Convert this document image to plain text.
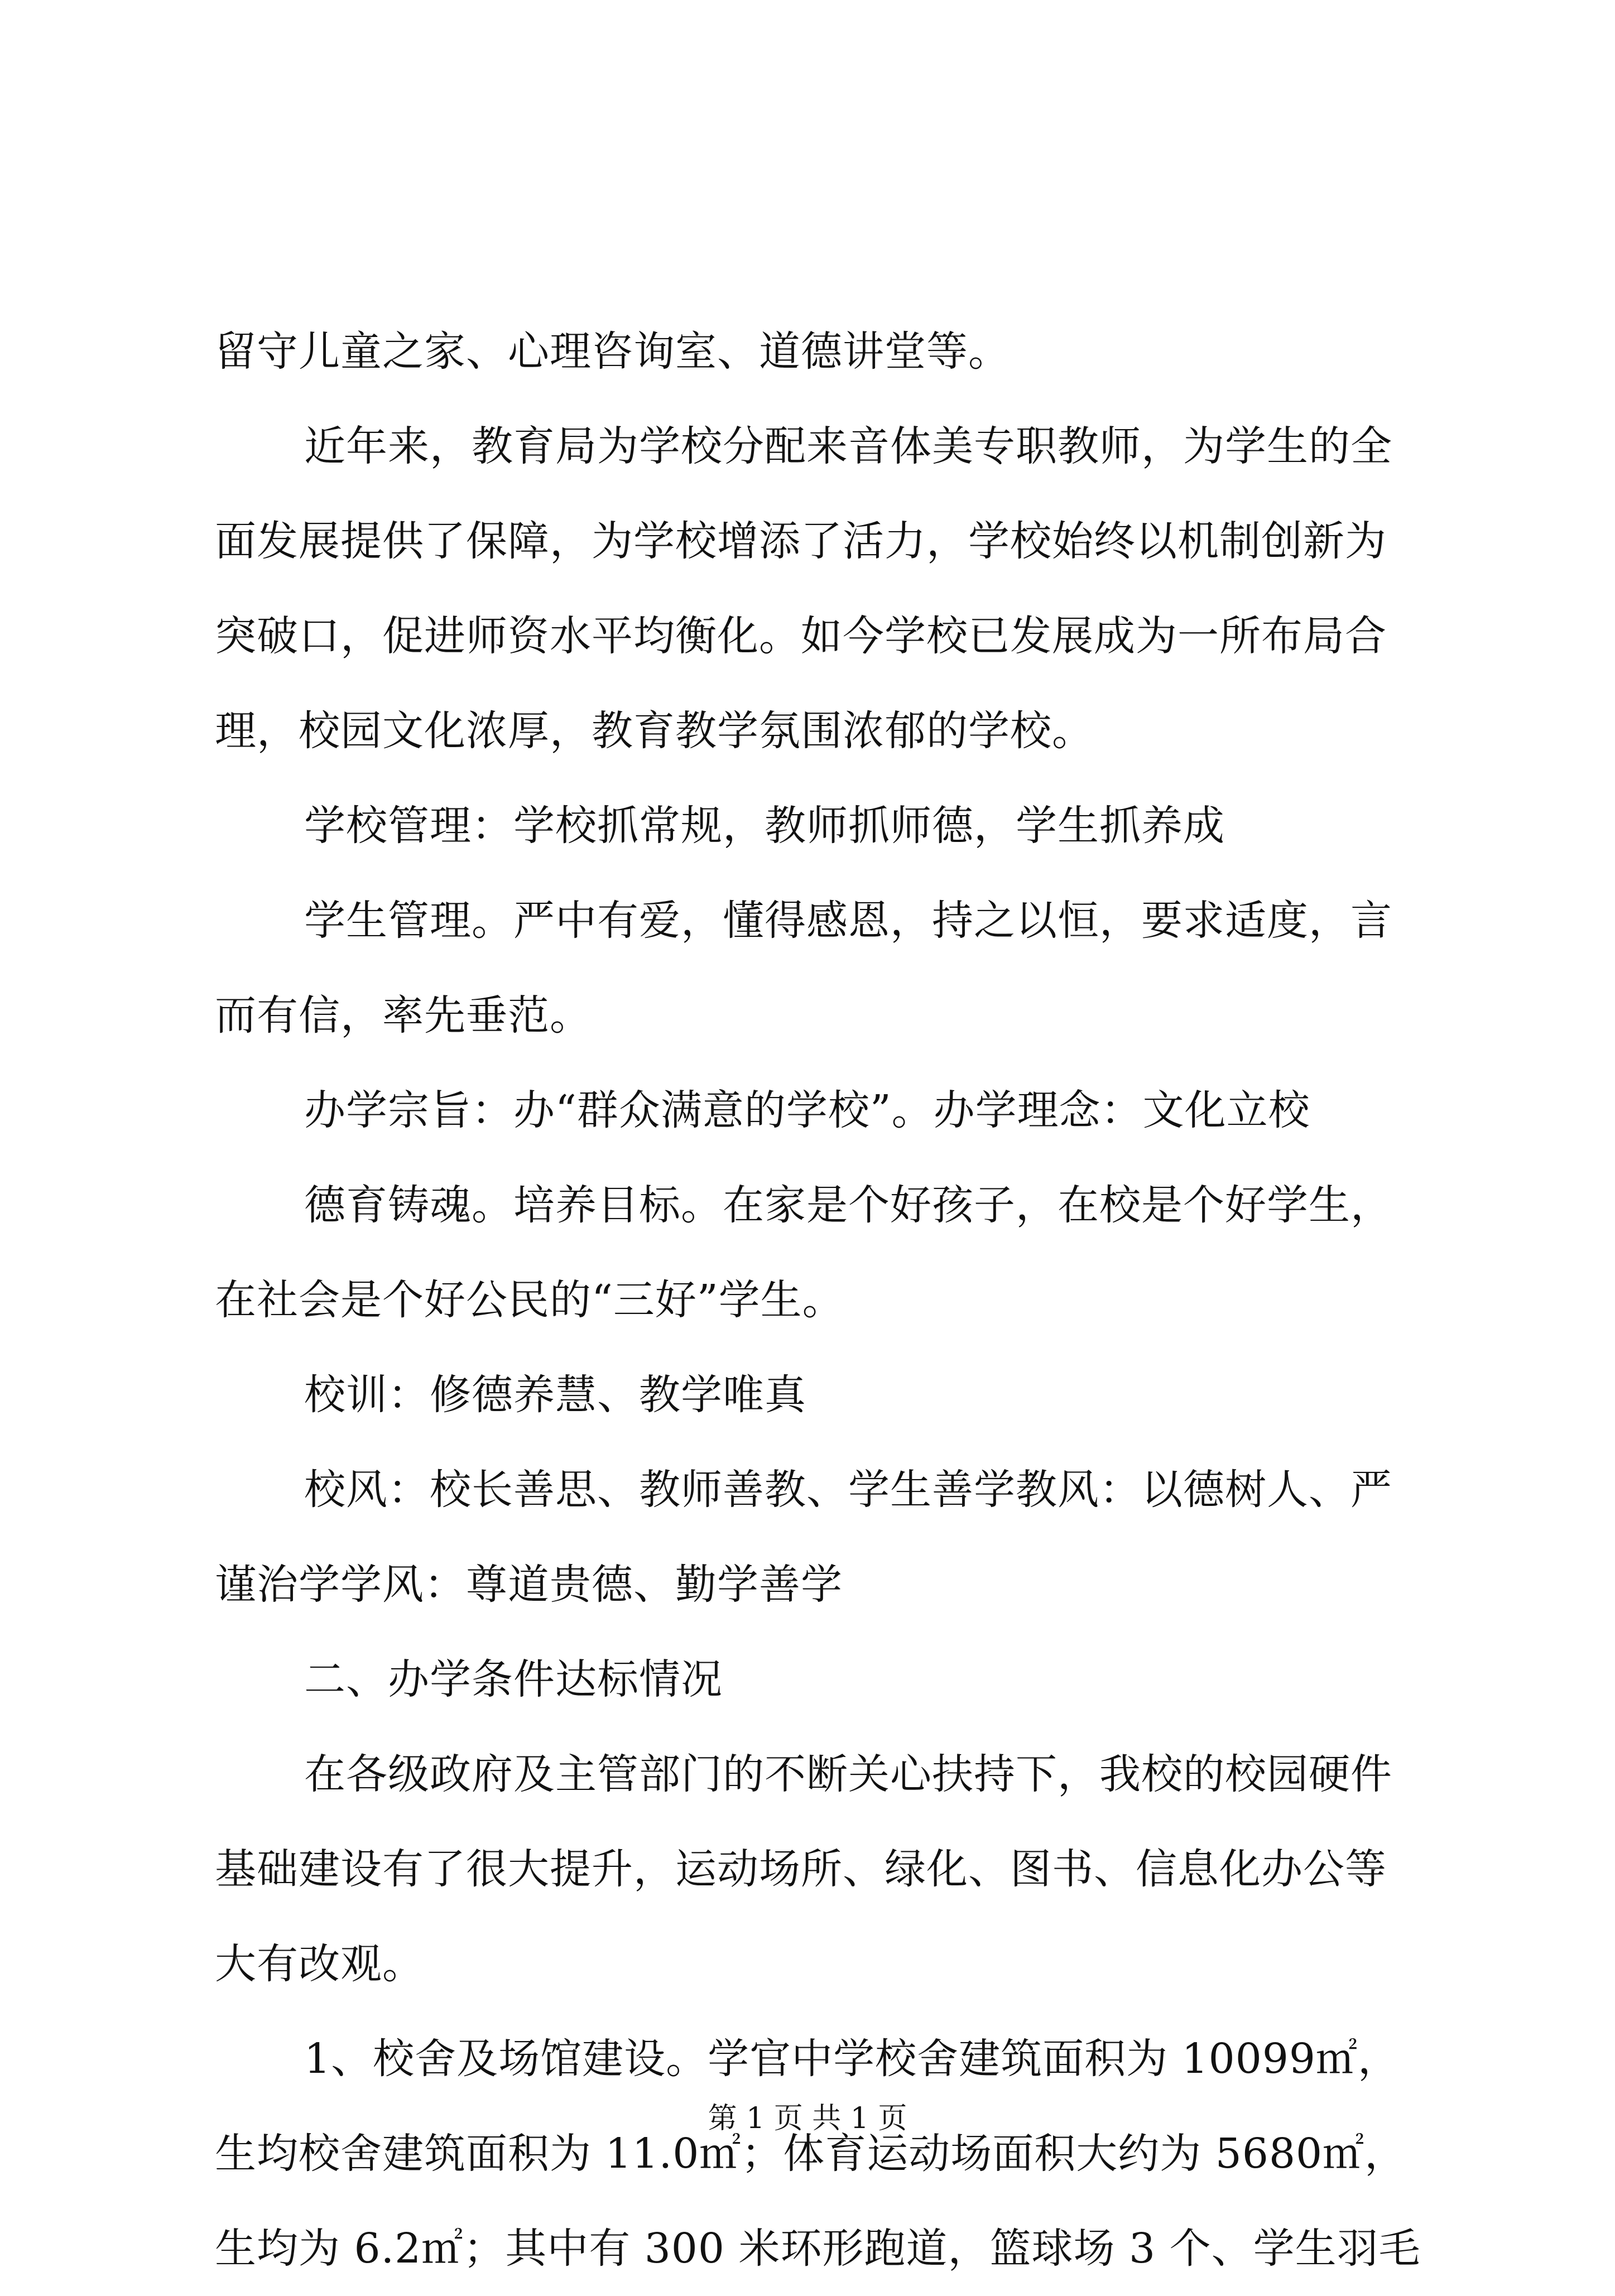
留守儿童之家、心理咨询室、道德讲堂等。
近年来，教育局为学校分配来音体美专职教师，为学生的全
面发展提供了保障，为学校增添了活力，学校始终以机制创新为
突破口，促进师资水平均衡化。如今学校已发展成为一所布局合
理，校园文化浓厚，教育教学氛围浓郁的学校。
学校管理：学校抓常规，教师抓师德，学生抓养成
学生管理。严中有爱，懂得感恩，持之以恒，要求适度，言
而有信，率先垂范。
办学宗旨：办“群众满意的学校”。办学理念：文化立校
德育铸魂。培养目标。在家是个好孩子，在校是个好学生，
在社会是个好公民的“三好”学生。
校训：修德养慧、教学唯真
校风：校长善思、教师善教、学生善学教风：以德树人、严
谨治学学风：尊道贵德、勤学善学
二、办学条件达标情况
在各级政府及主管部门的不断关心扶持下，我校的校园硬件
基础建设有了很大提升，运动场所、绿化、图书、信息化办公等
大有改观。
1、校舍及场馆建设。学官中学校舍建筑面积为 10099㎡，
生均校舍建筑面积为 11.0㎡；体育运动场面积大约为 5680㎡，
生均为 6.2㎡；其中有 300 米环形跑道，篮球场 3 个、学生羽毛
第 1 页 共 1 页
